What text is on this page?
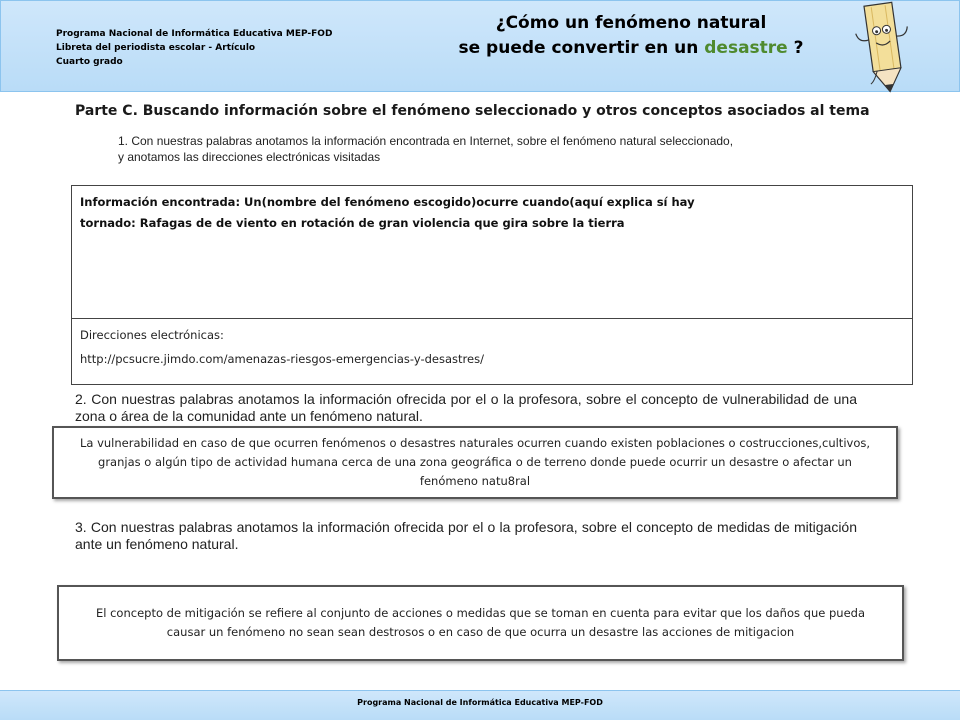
Programa Nacional de Informática Educativa MEP-FOD
Libreta del periodista escolar - Artículo
Cuarto grado
¿Cómo un fenómeno natural
se puede convertir en un desastre ?
Parte C. Buscando información sobre el fenómeno seleccionado y otros conceptos asociados al tema
1. Con nuestras palabras anotamos la información encontrada en Internet, sobre el fenómeno natural seleccionado,
y anotamos las direcciones electrónicas visitadas
Información encontrada: Un(nombre del fenómeno escogido)ocurre cuando(aquí explica sí hay
tornado: Rafagas de de viento en rotación de gran violencia que gira sobre la tierra
Direcciones electrónicas:
http://pcsucre.jimdo.com/amenazas-riesgos-emergencias-y-desastres/
2. Con nuestras palabras anotamos la información ofrecida por el o la profesora, sobre el concepto de vulnerabilidad de una zona o área de la comunidad ante un fenómeno natural.
La vulnerabilidad en caso de que ocurren fenómenos o desastres naturales ocurren cuando existen poblaciones o costrucciones,cultivos, granjas o algún tipo de actividad humana cerca de una zona geográfica o de terreno donde puede ocurrir un desastre o afectar un fenómeno natu8ral
3. Con nuestras palabras anotamos la información ofrecida por el o la profesora, sobre el concepto de medidas de mitigación ante un fenómeno natural.
El concepto de mitigación se refiere al conjunto de acciones o medidas que se toman en cuenta para evitar que los daños que pueda causar un fenómeno no sean sean destrosos o en caso de que ocurra un desastre las acciones de mitigacion
Programa Nacional de Informática Educativa MEP-FOD
